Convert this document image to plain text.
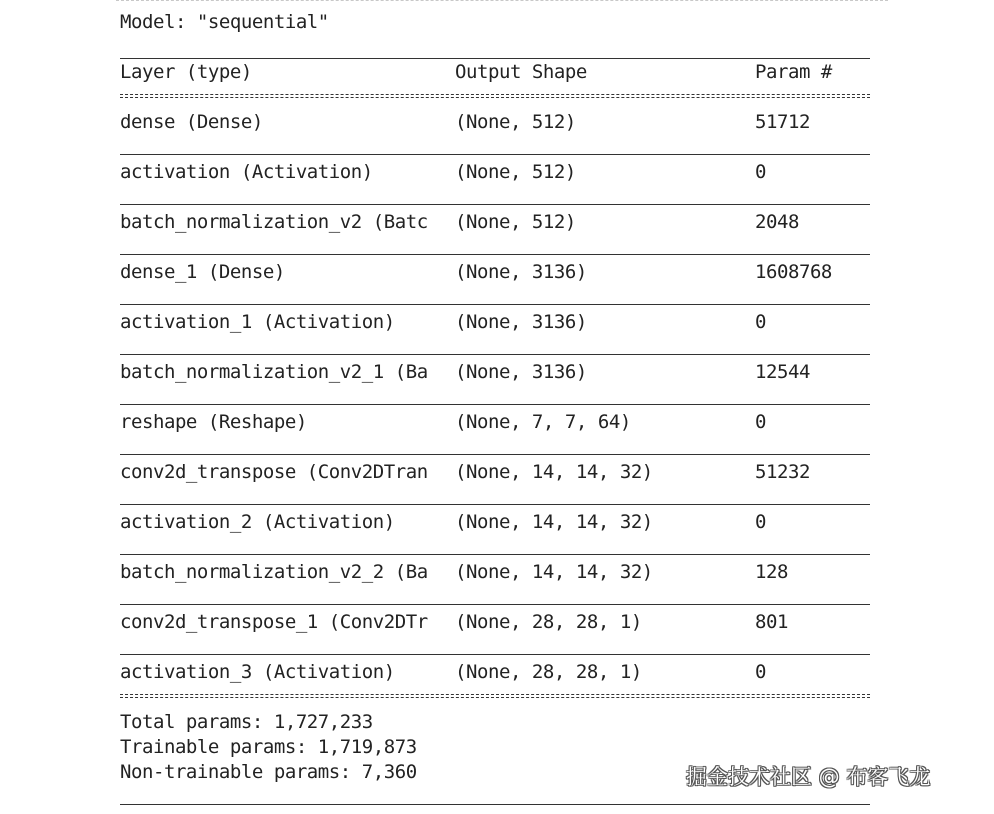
Model: "sequential"
Layer (type)	Output Shape	Param #
dense (Dense)	(None, 512)	51712
activation (Activation)	(None, 512)	0
batch_normalization_v2 (Batc	(None, 512)	2048
dense_1 (Dense)	(None, 3136)	1608768
activation_1 (Activation)	(None, 3136)	0
batch_normalization_v2_1 (Ba	(None, 3136)	12544
reshape (Reshape)	(None, 7, 7, 64)	0
conv2d_transpose (Conv2DTran	(None, 14, 14, 32)	51232
activation_2 (Activation)	(None, 14, 14, 32)	0
batch_normalization_v2_2 (Ba	(None, 14, 14, 32)	128
conv2d_transpose_1 (Conv2DTr	(None, 28, 28, 1)	801
activation_3 (Activation)	(None, 28, 28, 1)	0
Total params: 1,727,233
Trainable params: 1,719,873
Non-trainable params: 7,360	掘金技术社区 @ 布客飞龙
